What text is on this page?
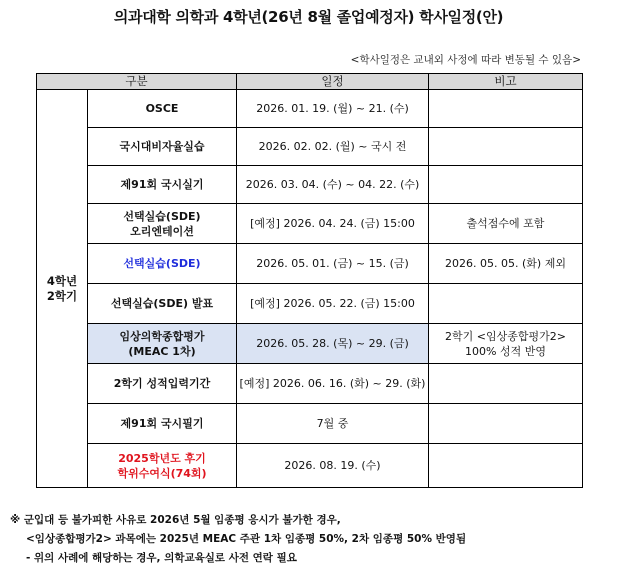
의과대학 의학과 4학년(26년 8월 졸업예정자) 학사일정(안)
<학사일정은 교내외 사정에 따라 변동될 수 있음>
구분		일정	비고
4학년
2학기	OSCE	2026. 01. 19. (월) ~ 21. (수)	
	국시대비자율실습	2026. 02. 02. (월) ~ 국시 전	
	제91회 국시실기	2026. 03. 04. (수) ~ 04. 22. (수)	
	선택실습(SDE)
오리엔테이션	[예정] 2026. 04. 24. (금) 15:00	출석점수에 포함
	선택실습(SDE)	2026. 05. 01. (금) ~ 15. (금)	2026. 05. 05. (화) 제외
	선택실습(SDE) 발표	[예정] 2026. 05. 22. (금) 15:00	
	임상의학종합평가
(MEAC 1차)	2026. 05. 28. (목) ~ 29. (금)	2학기 <임상종합평가2>
100% 성적 반영
	2학기 성적입력기간	[예정] 2026. 06. 16. (화) ~ 29. (화)	
	제91회 국시필기	7월 중	
	2025학년도 후기
학위수여식(74회)	2026. 08. 19. (수)	
※ 군입대 등 불가피한 사유로 2026년 5월 임종평 응시가 불가한 경우,
<임상종합평가2> 과목에는 2025년 MEAC 주관 1차 임종평 50%, 2차 임종평 50% 반영됨
- 위의 사례에 해당하는 경우, 의학교육실로 사전 연락 필요
